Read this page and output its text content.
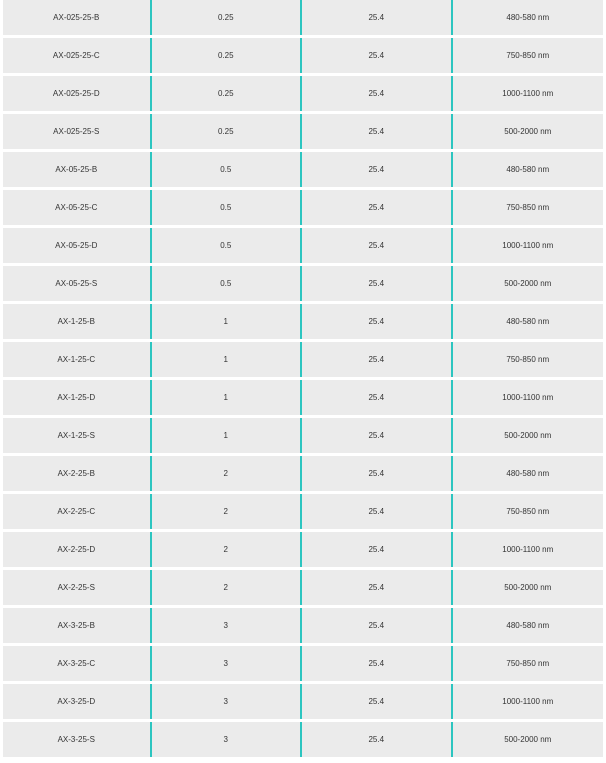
AX-025-25-B	0.25	25.4	480-580 nm
AX-025-25-C	0.25	25.4	750-850 nm
AX-025-25-D	0.25	25.4	1000-1100 nm
AX-025-25-S	0.25	25.4	500-2000 nm
AX-05-25-B	0.5	25.4	480-580 nm
AX-05-25-C	0.5	25.4	750-850 nm
AX-05-25-D	0.5	25.4	1000-1100 nm
AX-05-25-S	0.5	25.4	500-2000 nm
AX-1-25-B	1	25.4	480-580 nm
AX-1-25-C	1	25.4	750-850 nm
AX-1-25-D	1	25.4	1000-1100 nm
AX-1-25-S	1	25.4	500-2000 nm
AX-2-25-B	2	25.4	480-580 nm
AX-2-25-C	2	25.4	750-850 nm
AX-2-25-D	2	25.4	1000-1100 nm
AX-2-25-S	2	25.4	500-2000 nm
AX-3-25-B	3	25.4	480-580 nm
AX-3-25-C	3	25.4	750-850 nm
AX-3-25-D	3	25.4	1000-1100 nm
AX-3-25-S	3	25.4	500-2000 nm
